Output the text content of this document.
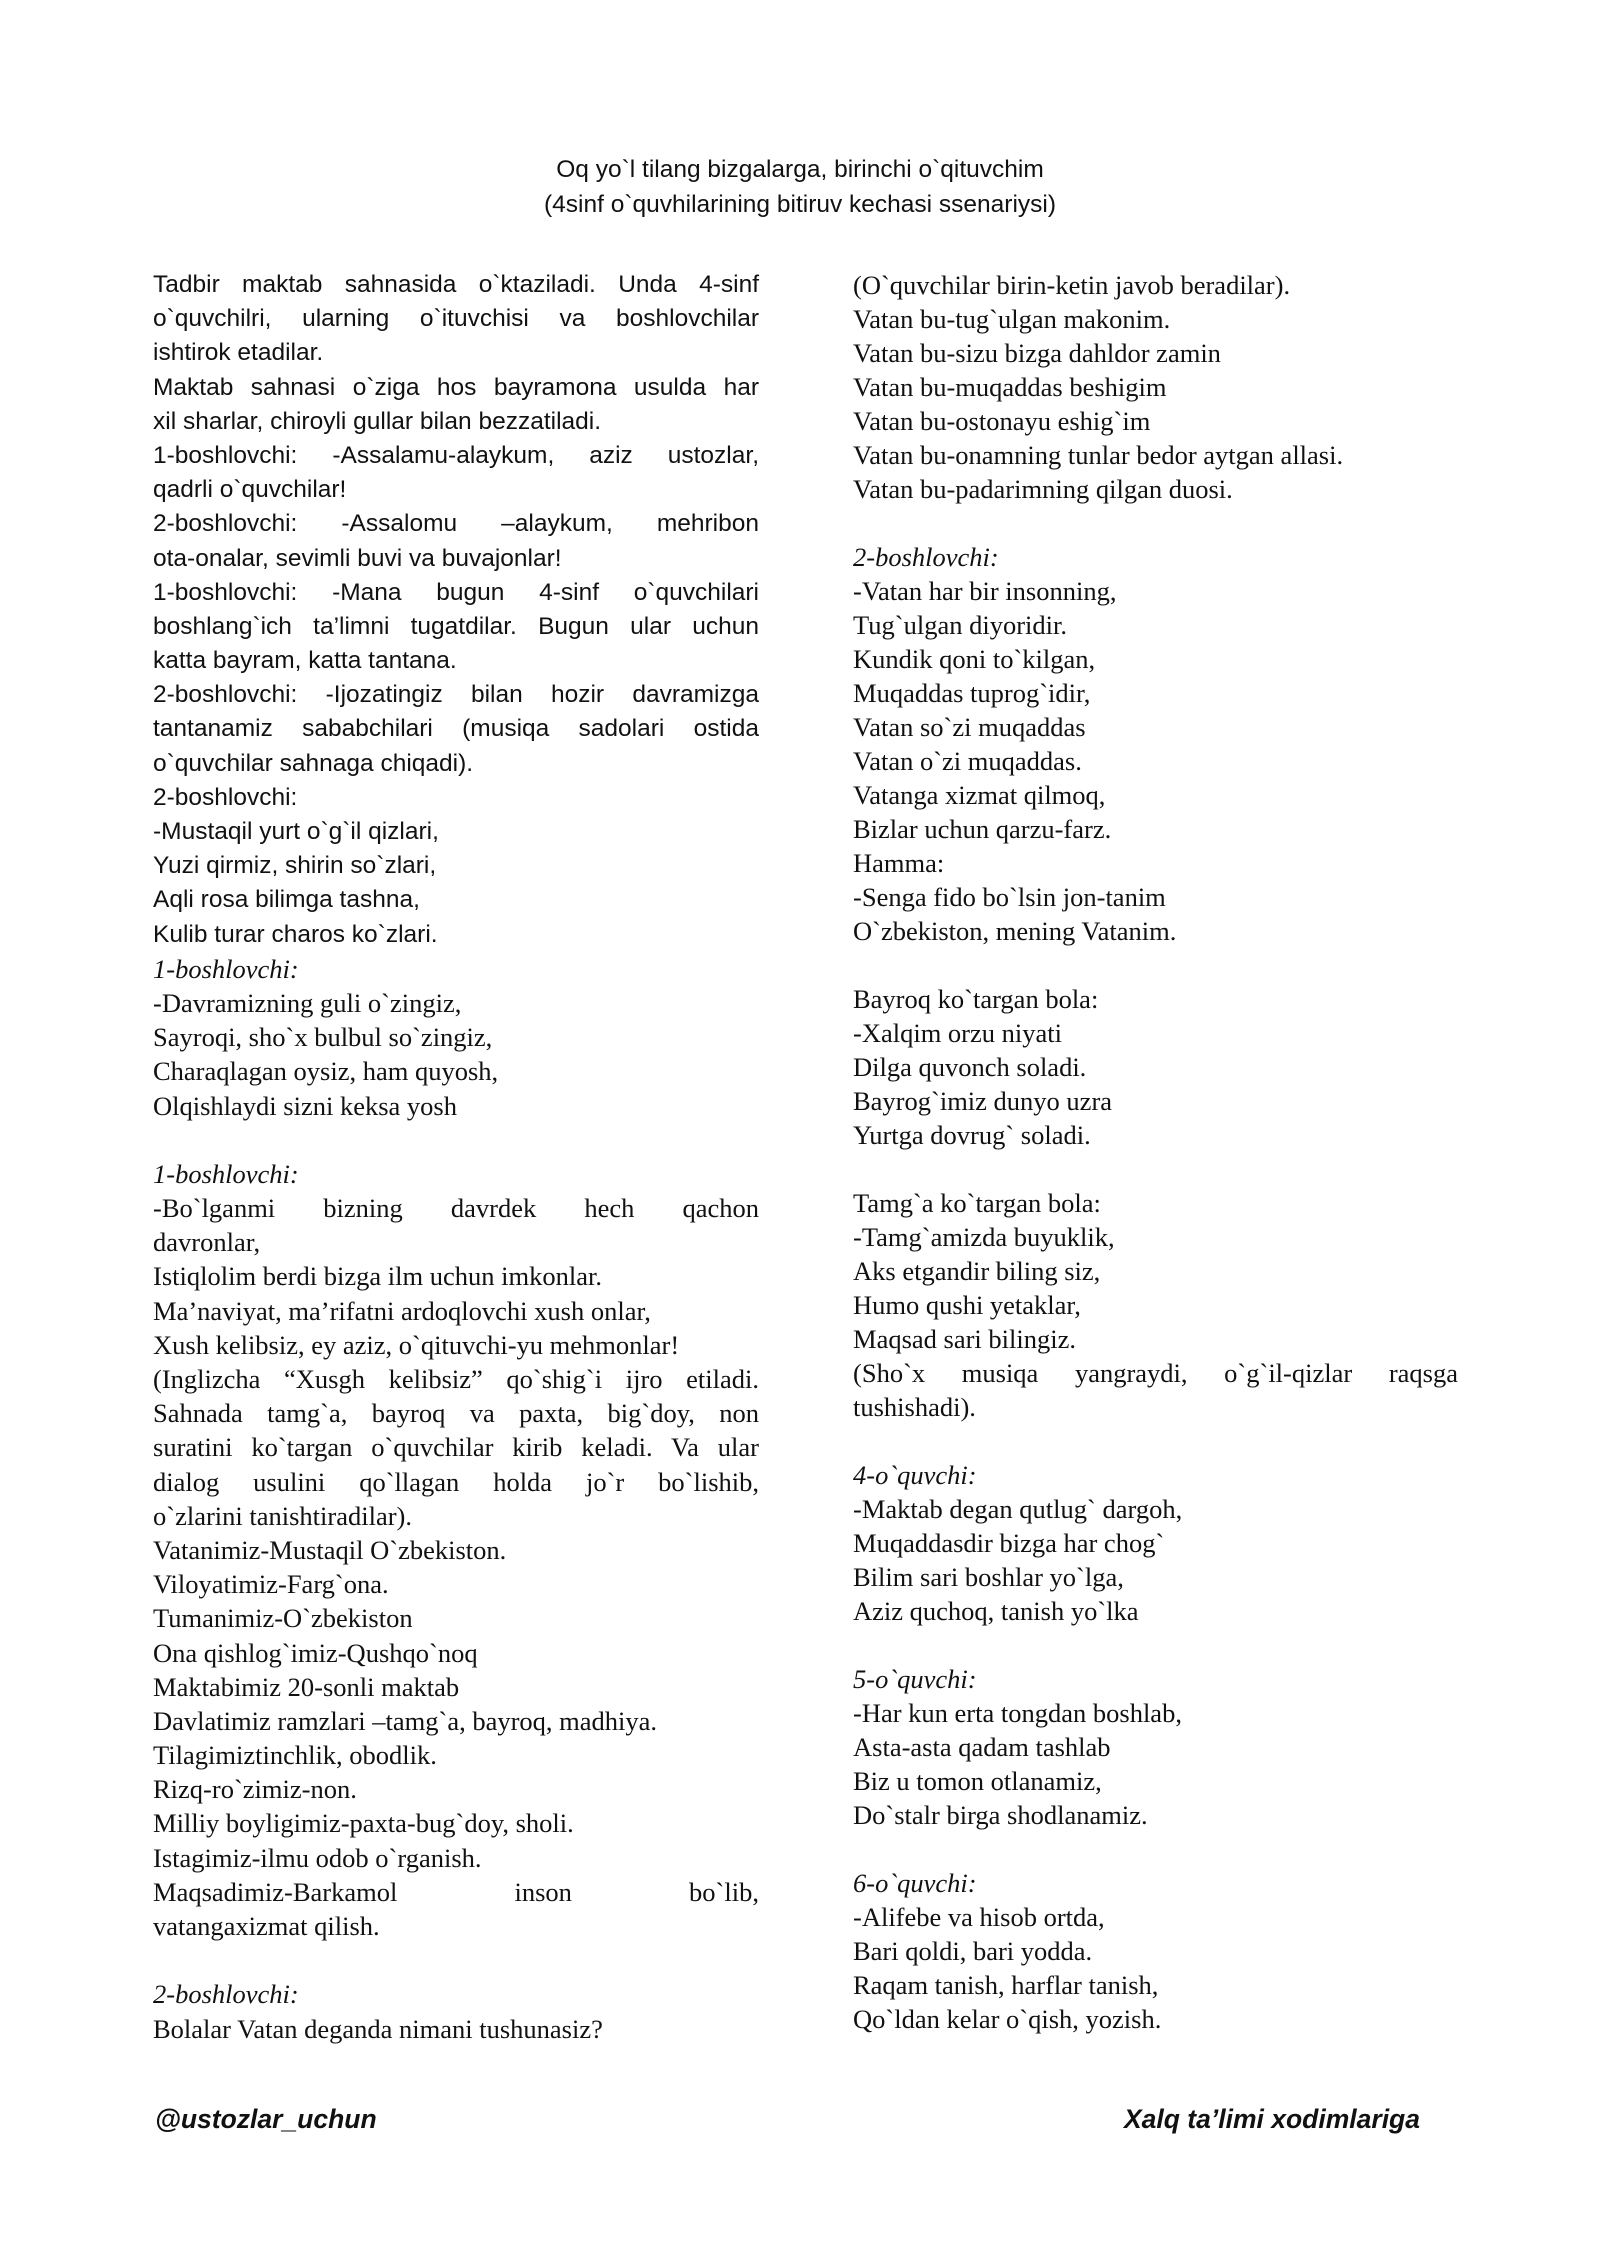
Oq yo`l tilang bizgalarga, birinchi o`qituvchim
(4sinf o`quvhilarining bitiruv kechasi ssenariysi)
Tadbir maktab sahnasida o`ktaziladi. Unda 4-sinf
o`quvchilri, ularning o`ituvchisi va boshlovchilar
ishtirok etadilar.
Maktab sahnasi o`ziga hos bayramona usulda har
xil sharlar, chiroyli gullar bilan bezzatiladi.
1-boshlovchi: -Assalamu-alaykum, aziz ustozlar,
qadrli o`quvchilar!
2-boshlovchi: -Assalomu –alaykum, mehribon
ota-onalar, sevimli buvi va buvajonlar!
1-boshlovchi: -Mana bugun 4-sinf o`quvchilari
boshlang`ich ta’limni tugatdilar. Bugun ular uchun
katta bayram, katta tantana.
2-boshlovchi: -Ijozatingiz bilan hozir davramizga
tantanamiz sababchilari (musiqa sadolari ostida
o`quvchilar sahnaga chiqadi).
2-boshlovchi:
-Mustaqil yurt o`g`il qizlari,
Yuzi qirmiz, shirin so`zlari,
Aqli rosa bilimga tashna,
Kulib turar charos ko`zlari.
1-boshlovchi:
-Davramizning guli o`zingiz,
Sayroqi, sho`x bulbul so`zingiz,
Charaqlagan oysiz, ham quyosh,
Olqishlaydi sizni keksa yosh
1-boshlovchi:
-Bo`lganmi bizning davrdek hech qachon
davronlar,
Istiqlolim berdi bizga ilm uchun imkonlar.
Ma’naviyat, ma’rifatni ardoqlovchi xush onlar,
Xush kelibsiz, ey aziz, o`qituvchi-yu mehmonlar!
(Inglizcha “Xusgh kelibsiz” qo`shig`i ijro etiladi.
Sahnada tamg`a, bayroq va paxta, big`doy, non
suratini ko`targan o`quvchilar kirib keladi. Va ular
dialog usulini qo`llagan holda jo`r bo`lishib,
o`zlarini tanishtiradilar).
Vatanimiz-Mustaqil O`zbekiston.
Viloyatimiz-Farg`ona.
Tumanimiz-O`zbekiston
Ona qishlog`imiz-Qushqo`noq
Maktabimiz 20-sonli maktab
Davlatimiz ramzlari –tamg`a, bayroq, madhiya.
Tilagimiztinchlik, obodlik.
Rizq-ro`zimiz-non.
Milliy boyligimiz-paxta-bug`doy, sholi.
Istagimiz-ilmu odob o`rganish.
Maqsadimiz-Barkamol inson bo`lib,
vatangaxizmat qilish.
2-boshlovchi:
Bolalar Vatan deganda nimani tushunasiz?
(O`quvchilar birin-ketin javob beradilar).
Vatan bu-tug`ulgan makonim.
Vatan bu-sizu bizga dahldor zamin
Vatan bu-muqaddas beshigim
Vatan bu-ostonayu eshig`im
Vatan bu-onamning tunlar bedor aytgan allasi.
Vatan bu-padarimning qilgan duosi.
2-boshlovchi:
-Vatan har bir insonning,
Tug`ulgan diyoridir.
Kundik qoni to`kilgan,
Muqaddas tuprog`idir,
Vatan so`zi muqaddas
Vatan o`zi muqaddas.
Vatanga xizmat qilmoq,
Bizlar uchun qarzu-farz.
Hamma:
-Senga fido bo`lsin jon-tanim
O`zbekiston, mening Vatanim.
Bayroq ko`targan bola:
-Xalqim orzu niyati
Dilga quvonch soladi.
Bayrog`imiz dunyo uzra
Yurtga dovrug` soladi.
Tamg`a ko`targan bola:
-Tamg`amizda buyuklik,
Aks etgandir biling siz,
Humo qushi yetaklar,
Maqsad sari bilingiz.
(Sho`x musiqa yangraydi, o`g`il-qizlar raqsga
tushishadi).
4-o`quvchi:
-Maktab degan qutlug` dargoh,
Muqaddasdir bizga har chog`
Bilim sari boshlar yo`lga,
Aziz quchoq, tanish yo`lka
5-o`quvchi:
-Har kun erta tongdan boshlab,
Asta-asta qadam tashlab
Biz u tomon otlanamiz,
Do`stalr birga shodlanamiz.
6-o`quvchi:
-Alifebe va hisob ortda,
Bari qoldi, bari yodda.
Raqam tanish, harflar tanish,
Qo`ldan kelar o`qish, yozish.
@ustozlar_uchun	Xalq ta’limi xodimlariga
